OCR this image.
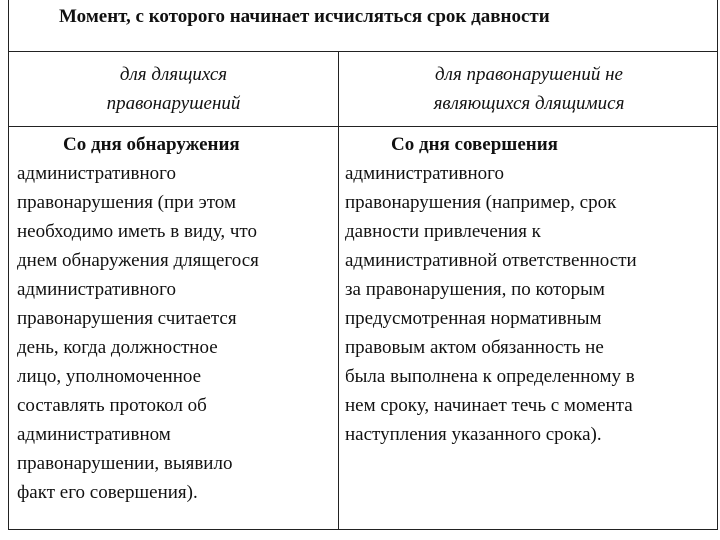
Момент, с которого начинает исчисляться срок давности
для длящихся
правонарушений
для правонарушений не
являющихся длящимися
Со дня обнаружения
административного
правонарушения (при этом
необходимо иметь в виду, что
днем обнаружения длящегося
административного
правонарушения считается
день, когда должностное
лицо, уполномоченное
составлять протокол об
административном
правонарушении, выявило
факт его совершения).
Со дня совершения
административного
правонарушения (например, срок
давности привлечения к
административной ответственности
за правонарушения, по которым
предусмотренная нормативным
правовым актом обязанность не
была выполнена к определенному в
нем сроку, начинает течь с момента
наступления указанного срока).
